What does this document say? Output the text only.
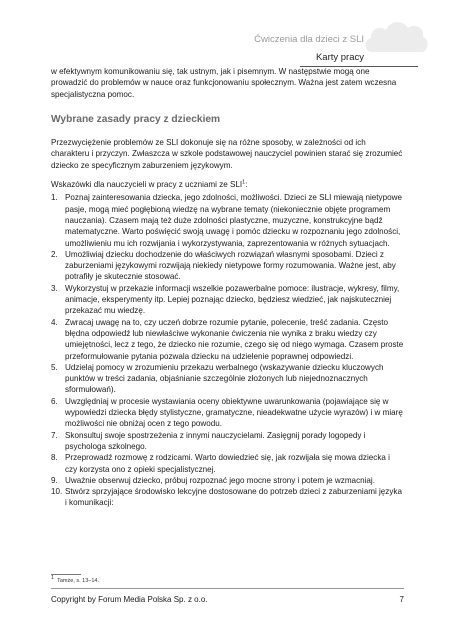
Ćwiczenia dla dzieci z SLI
Karty pracy

w efektywnym komunikowaniu się, tak ustnym, jak i pisemnym. W następstwie mogą one prowadzić do problemów w nauce oraz funkcjonowaniu społecznym. Ważna jest zatem wczesna specjalistyczna pomoc.

Wybrane zasady pracy z dzieckiem

Przezwyciężenie problemów ze SLI dokonuje się na różne sposoby, w zależności od ich charakteru i przyczyn. Zwłaszcza w szkole podstawowej nauczyciel powinien starać się zrozumieć dziecko ze specyficznym zaburzeniem językowym.

Wskazówki dla nauczycieli w pracy z uczniami ze SLI$^1$:

1. Poznaj zainteresowania dziecka, jego zdolności, możliwości. Dzieci ze SLI miewają nietypowe pasje, mogą mieć pogłębioną wiedzę na wybrane tematy (niekoniecznie objęte programem nauczania). Czasem mają też duże zdolności plastyczne, muzyczne, konstrukcyjne bądź matematyczne. Warto poświęcić swoją uwagę i pomóc dziecku w rozpoznaniu jego zdolności, umożliwieniu mu ich rozwijania i wykorzystywania, zaprezentowania w różnych sytuacjach.
2. Umożliwiaj dziecku dochodzenie do właściwych rozwiązań własnymi sposobami. Dzieci z zaburzeniami językowymi rozwijają niekiedy nietypowe formy rozumowania. Ważne jest, aby potrafiły je skutecznie stosować.
3. Wykorzystuj w przekazie informacji wszelkie pozawerbalne pomoce: ilustracje, wykresy, filmy, animacje, eksperymenty itp. Lepiej poznając dziecko, będziesz wiedzieć, jak najskuteczniej przekazać mu wiedzę.
4. Zwracaj uwagę na to, czy uczeń dobrze rozumie pytanie, polecenie, treść zadania. Często błędna odpowiedź lub niewłaściwe wykonanie ćwiczenia nie wynika z braku wiedzy czy umiejętności, lecz z tego, że dziecko nie rozumie, czego się od niego wymaga. Czasem proste przeformułowanie pytania pozwala dziecku na udzielenie poprawnej odpowiedzi.
5. Udzielaj pomocy w zrozumieniu przekazu werbalnego (wskazywanie dziecku kluczowych punktów w treści zadania, objaśnianie szczególnie złożonych lub niejednoznacznych sformułowań).
6. Uwzględniaj w procesie wystawiania oceny obiektywne uwarunkowania (pojawiające się w wypowiedzi dziecka błędy stylistyczne, gramatyczne, nieadekwatne użycie wyrazów) i w miarę możliwości nie obniżaj ocen z tego powodu.
7. Skonsultuj swoje spostrzeżenia z innymi nauczycielami. Zasięgnij porady logopedy i psychologa szkolnego.
8. Przeprowadź rozmowę z rodzicami. Warto dowiedzieć się, jak rozwijała się mowa dziecka i czy korzysta ono z opieki specjalistycznej.
9. Uważnie obserwuj dziecko, próbuj rozpoznać jego mocne strony i potem je wzmacniaj.
10. Stwórz sprzyjające środowisko lekcyjne dostosowane do potrzeb dzieci z zaburzeniami języka i komunikacji:
$^1$ Tamże, s. 13–14.
Copyright by Forum Media Polska Sp. z o.o.	7
